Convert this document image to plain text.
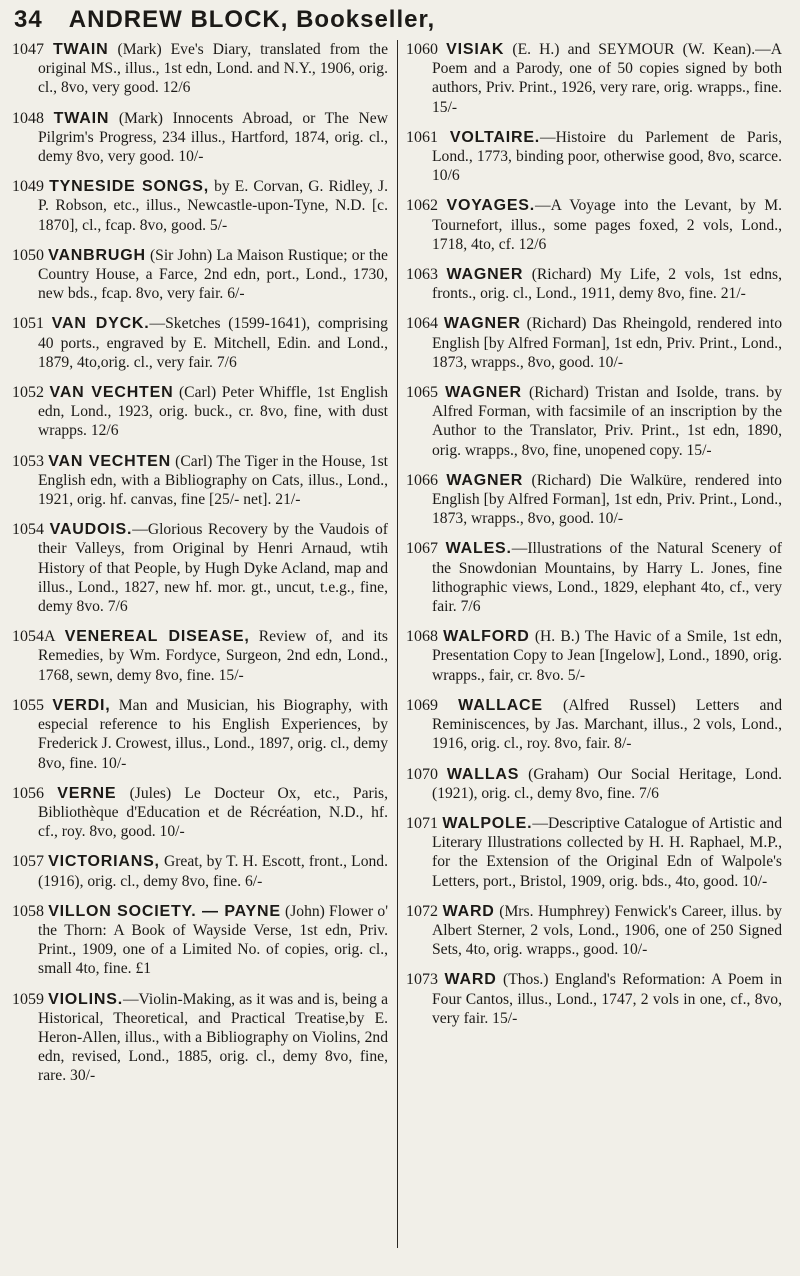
34 ANDREW BLOCK, Bookseller,

1047 TWAIN (Mark) Eve's Diary, translated from the original MS., illus., 1st edn, Lond. and N.Y., 1906, orig. cl., 8vo, very good. 12/6

1048 TWAIN (Mark) Innocents Abroad, or The New Pilgrim's Progress, 234 illus., Hartford, 1874, orig. cl., demy 8vo, very good. 10/-

1049 TYNESIDE SONGS, by E. Corvan, G. Ridley, J. P. Robson, etc., illus., Newcastle-upon-Tyne, N.D. [c. 1870], cl., fcap. 8vo, good. 5/-

1050 VANBRUGH (Sir John) La Maison Rustique; or the Country House, a Farce, 2nd edn, port., Lond., 1730, new bds., fcap. 8vo, very fair. 6/-

1051 VAN DYCK.—Sketches (1599-1641), comprising 40 ports., engraved by E. Mitchell, Edin. and Lond., 1879, 4to,orig. cl., very fair. 7/6

1052 VAN VECHTEN (Carl) Peter Whiffle, 1st English edn, Lond., 1923, orig. buck., cr. 8vo, fine, with dust wrapps. 12/6

1053 VAN VECHTEN (Carl) The Tiger in the House, 1st English edn, with a Bibliography on Cats, illus., Lond., 1921, orig. hf. canvas, fine [25/- net]. 21/-

1054 VAUDOIS.—Glorious Recovery by the Vaudois of their Valleys, from Original by Henri Arnaud, wtih History of that People, by Hugh Dyke Acland, map and illus., Lond., 1827, new hf. mor. gt., uncut, t.e.g., fine, demy 8vo. 7/6

1054A VENEREAL DISEASE, Review of, and its Remedies, by Wm. Fordyce, Surgeon, 2nd edn, Lond., 1768, sewn, demy 8vo, fine. 15/-

1055 VERDI, Man and Musician, his Biography, with especial reference to his English Experiences, by Frederick J. Crowest, illus., Lond., 1897, orig. cl., demy 8vo, fine. 10/-

1056 VERNE (Jules) Le Docteur Ox, etc., Paris, Bibliothèque d'Education et de Récréation, N.D., hf. cf., roy. 8vo, good. 10/-

1057 VICTORIANS, Great, by T. H. Escott, front., Lond. (1916), orig. cl., demy 8vo, fine. 6/-

1058 VILLON SOCIETY. — PAYNE (John) Flower o' the Thorn: A Book of Wayside Verse, 1st edn, Priv. Print., 1909, one of a Limited No. of copies, orig. cl., small 4to, fine. £1

1059 VIOLINS.—Violin-Making, as it was and is, being a Historical, Theoretical, and Practical Treatise,by E. Heron-Allen, illus., with a Bibliography on Violins, 2nd edn, revised, Lond., 1885, orig. cl., demy 8vo, fine, rare. 30/-

1060 VISIAK (E. H.) and SEYMOUR (W. Kean).—A Poem and a Parody, one of 50 copies signed by both authors, Priv. Print., 1926, very rare, orig. wrapps., fine. 15/-

1061 VOLTAIRE.—Histoire du Parlement de Paris, Lond., 1773, binding poor, otherwise good, 8vo, scarce. 10/6

1062 VOYAGES.—A Voyage into the Levant, by M. Tournefort, illus., some pages foxed, 2 vols, Lond., 1718, 4to, cf. 12/6

1063 WAGNER (Richard) My Life, 2 vols, 1st edns, fronts., orig. cl., Lond., 1911, demy 8vo, fine. 21/-

1064 WAGNER (Richard) Das Rheingold, rendered into English [by Alfred Forman], 1st edn, Priv. Print., Lond., 1873, wrapps., 8vo, good. 10/-

1065 WAGNER (Richard) Tristan and Isolde, trans. by Alfred Forman, with facsimile of an inscription by the Author to the Translator, Priv. Print., 1st edn, 1890, orig. wrapps., 8vo, fine, unopened copy. 15/-

1066 WAGNER (Richard) Die Walküre, rendered into English [by Alfred Forman], 1st edn, Priv. Print., Lond., 1873, wrapps., 8vo, good. 10/-

1067 WALES.—Illustrations of the Natural Scenery of the Snowdonian Mountains, by Harry L. Jones, fine lithographic views, Lond., 1829, elephant 4to, cf., very fair. 7/6

1068 WALFORD (H. B.) The Havic of a Smile, 1st edn, Presentation Copy to Jean [Ingelow], Lond., 1890, orig. wrapps., fair, cr. 8vo. 5/-

1069 WALLACE (Alfred Russel) Letters and Reminiscences, by Jas. Marchant, illus., 2 vols, Lond., 1916, orig. cl., roy. 8vo, fair. 8/-

1070 WALLAS (Graham) Our Social Heritage, Lond. (1921), orig. cl., demy 8vo, fine. 7/6

1071 WALPOLE.—Descriptive Catalogue of Artistic and Literary Illustrations collected by H. H. Raphael, M.P., for the Extension of the Original Edn of Walpole's Letters, port., Bristol, 1909, orig. bds., 4to, good. 10/-

1072 WARD (Mrs. Humphrey) Fenwick's Career, illus. by Albert Sterner, 2 vols, Lond., 1906, one of 250 Signed Sets, 4to, orig. wrapps., good. 10/-

1073 WARD (Thos.) England's Reformation: A Poem in Four Cantos, illus., Lond., 1747, 2 vols in one, cf., 8vo, very fair. 15/-
